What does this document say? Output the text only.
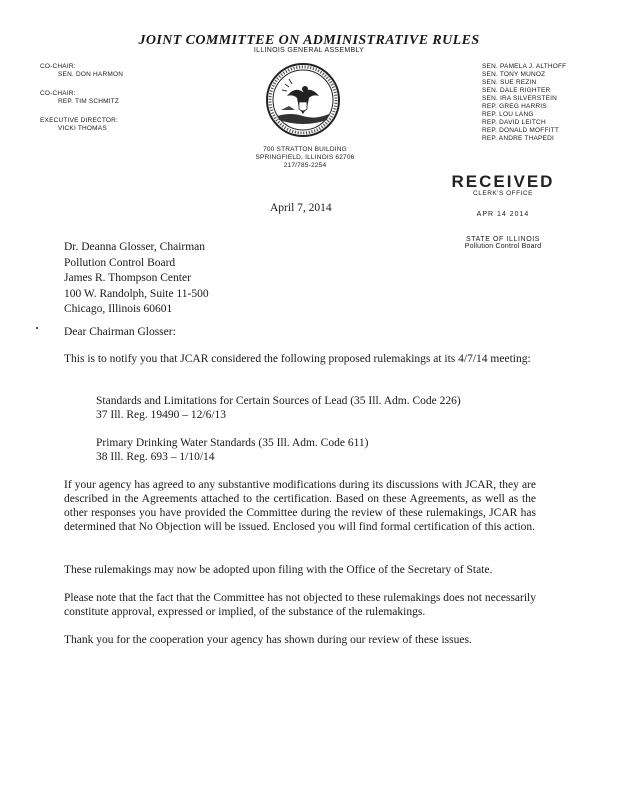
JOINT COMMITTEE ON ADMINISTRATIVE RULES
ILLINOIS GENERAL ASSEMBLY
CO-CHAIR:
SEN. DON HARMON
CO-CHAIR:
REP. TIM SCHMITZ
EXECUTIVE DIRECTOR:
VICKI THOMAS
SEN. PAMELA J. ALTHOFF
SEN. TONY MUNOZ
SEN. SUE REZIN
SEN. DALE RIGHTER
SEN. IRA SILVERSTEIN
REP. GREG HARRIS
REP. LOU LANG
REP. DAVID LEITCH
REP. DONALD MOFFITT
REP. ANDRE THAPEDI
700 STRATTON BUILDING
SPRINGFIELD, ILLINOIS 62706
217/785-2254
RECEIVED
CLERK'S OFFICE
APR 14 2014
STATE OF ILLINOIS
Pollution Control Board
April 7, 2014
Dr. Deanna Glosser, Chairman
Pollution Control Board
James R. Thompson Center
100 W. Randolph, Suite 11-500
Chicago, Illinois 60601
Dear Chairman Glosser:
This is to notify you that JCAR considered the following proposed rulemakings at its 4/7/14 meeting:
Standards and Limitations for Certain Sources of Lead (35 Ill. Adm. Code 226)
37 Ill. Reg. 19490 – 12/6/13
Primary Drinking Water Standards (35 Ill. Adm. Code 611)
38 Ill. Reg. 693 – 1/10/14
If your agency has agreed to any substantive modifications during its discussions with JCAR, they are described in the Agreements attached to the certification. Based on these Agreements, as well as the other responses you have provided the Committee during the review of these rulemakings, JCAR has determined that No Objection will be issued. Enclosed you will find formal certification of this action.
These rulemakings may now be adopted upon filing with the Office of the Secretary of State.
Please note that the fact that the Committee has not objected to these rulemakings does not necessarily constitute approval, expressed or implied, of the substance of the rulemakings.
Thank you for the cooperation your agency has shown during our review of these issues.
